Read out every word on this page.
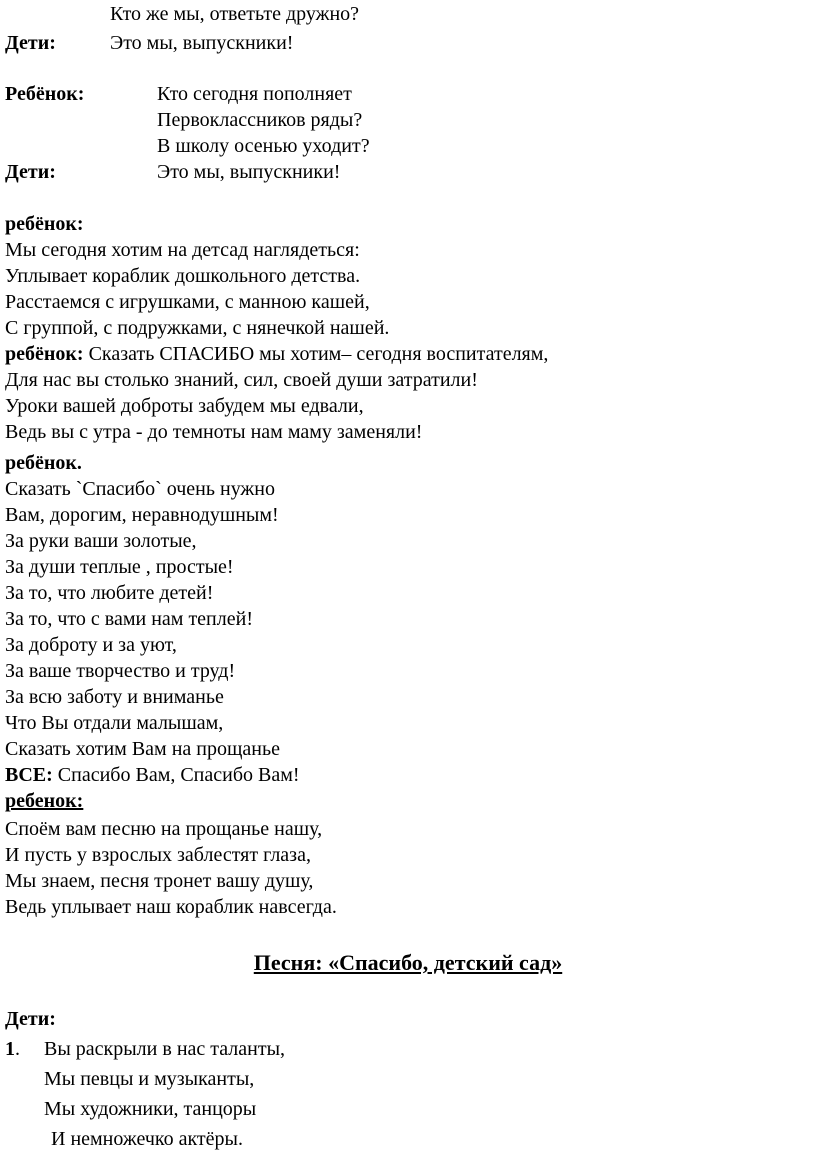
Кто же мы, ответьте дружно?
Дети:	Это мы, выпускники!
Ребёнок:	Кто сегодня пополняет
Первоклассников ряды?
В школу осенью уходит?
Дети:	Это мы, выпускники!
ребёнок:
Мы сегодня хотим на детсад наглядеться:
Уплывает кораблик дошкольного детства.
Расстаемся с игрушками, с манною кашей,
С группой, с подружками, с нянечкой нашей.
ребёнок: Сказать СПАСИБО мы хотим– сегодня воспитателям,
Для нас вы столько знаний, сил, своей души затратили!
Уроки вашей доброты забудем мы едвали,
Ведь вы с утра - до темноты нам маму заменяли!
ребёнок.
Сказать `Спасибо` очень нужно
Вам, дорогим, неравнодушным!
За руки ваши золотые,
За души теплые , простые!
За то, что любите детей!
За то, что с вами нам теплей!
За доброту и за уют,
За ваше творчество и труд!
За всю заботу и вниманье
Что Вы отдали малышам,
Сказать хотим Вам на прощанье
ВСЕ: Спасибо Вам, Спасибо Вам!
ребенок:
Споём вам песню на прощанье нашу,
И пусть у взрослых заблестят глаза,
Мы знаем, песня тронет вашу душу,
Ведь уплывает наш кораблик навсегда.
Песня: «Спасибо, детский сад»
Дети:
1. Вы раскрыли в нас таланты,
Мы певцы и музыканты,
Мы художники, танцоры
И немножечко актёры.
